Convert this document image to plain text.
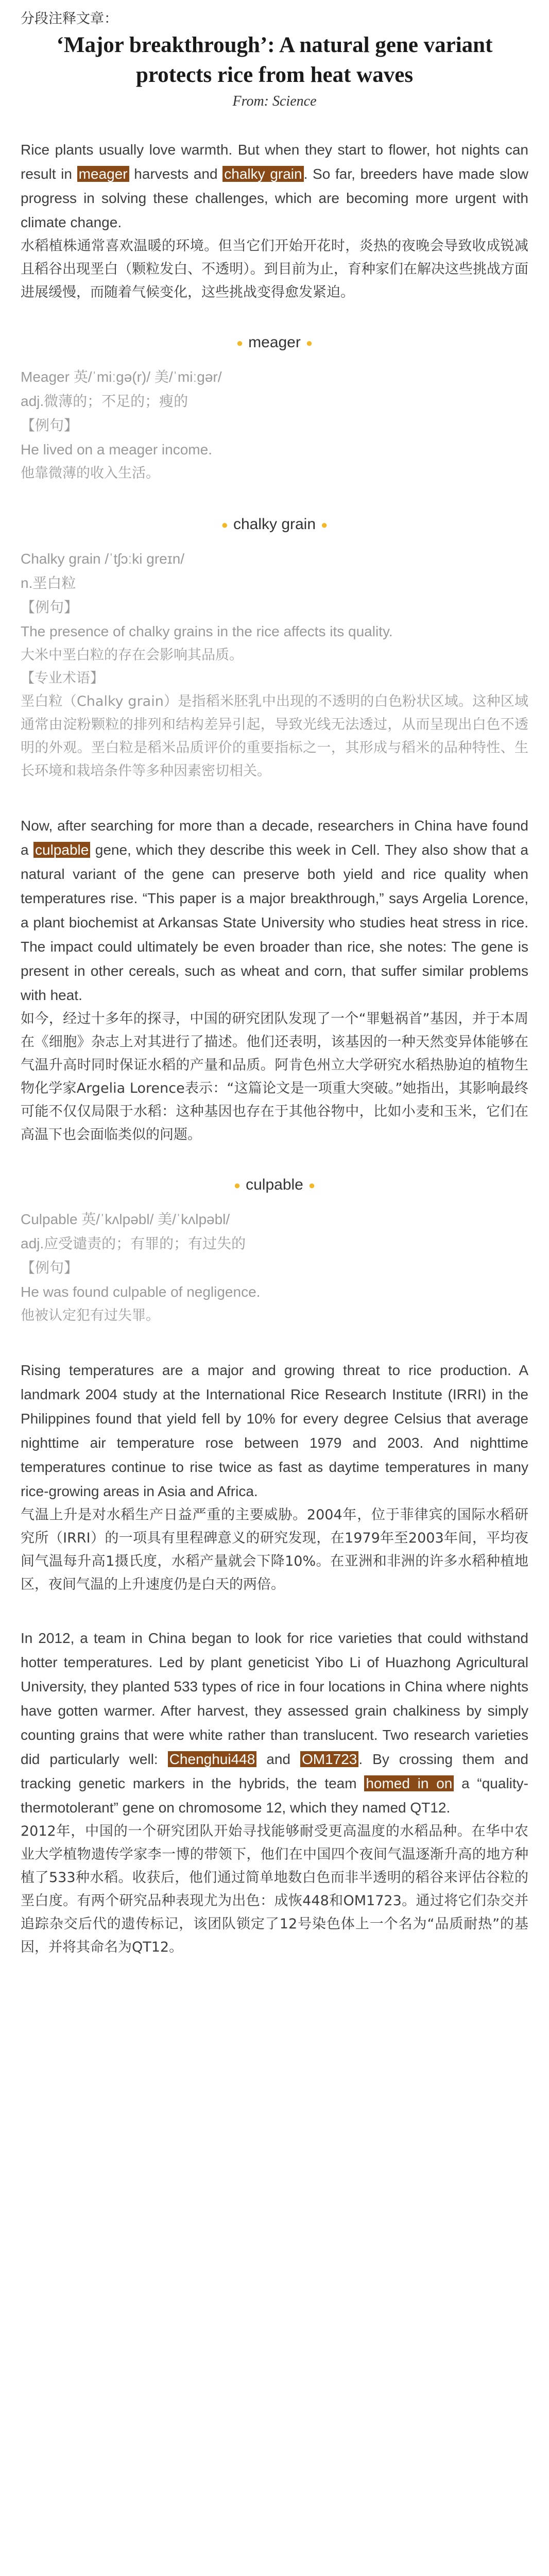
分段注释文章：
‘Major breakthrough’: A natural gene variant protects rice from heat waves
From: Science

Rice plants usually love warmth. But when they start to flower, hot nights can result in meager harvests and chalky grain . So far, breeders have made slow progress in solving these challenges, which are becoming more urgent with climate change.

水稻植株通常喜欢温暖的环境。但当它们开始开花时，炎热的夜晚会导致收成锐减且稻谷出现垩白（颗粒发白、不透明）。到目前为止，育种家们在解决这些挑战方面进展缓慢，而随着气候变化，这些挑战变得愈发紧迫。

● meager ●

Meager 英/ˈmiːɡə(r)/ 美/ˈmiːɡər/

adj.微薄的；不足的；瘦的

【例句】

He lived on a meager income.

他靠微薄的收入生活。

● chalky grain ●

Chalky grain /ˈtʃɔːki ɡreɪn/

n.垩白粒

【例句】

The presence of chalky grains in the rice affects its quality.

大米中垩白粒的存在会影响其品质。

【专业术语】

垩白粒（Chalky grain）是指稻米胚乳中出现的不透明的白色粉状区域。这种区域通常由淀粉颗粒的排列和结构差异引起，导致光线无法透过，从而呈现出白色不透明的外观。垩白粒是稻米品质评价的重要指标之一，其形成与稻米的品种特性、生长环境和栽培条件等多种因素密切相关。

Now, after searching for more than a decade, researchers in China have found a culpable gene, which they describe this week in Cell. They also show that a natural variant of the gene can preserve both yield and rice quality when temperatures rise. “This paper is a major breakthrough,” says Argelia Lorence, a plant biochemist at Arkansas State University who studies heat stress in rice. The impact could ultimately be even broader than rice, she notes: The gene is present in other cereals, such as wheat and corn, that suffer similar problems with heat.

如今，经过十多年的探寻，中国的研究团队发现了一个“罪魁祸首”基因，并于本周在《细胞》杂志上对其进行了描述。他们还表明，该基因的一种天然变异体能够在气温升高时同时保证水稻的产量和品质。阿肯色州立大学研究水稻热胁迫的植物生物化学家Argelia Lorence表示：“这篇论文是一项重大突破。”她指出，其影响最终可能不仅仅局限于水稻：这种基因也存在于其他谷物中，比如小麦和玉米，它们在高温下也会面临类似的问题。

● culpable ●

Culpable 英/ˈkʌlpəbl/ 美/ˈkʌlpəbl/

adj.应受谴责的；有罪的；有过失的

【例句】

He was found culpable of negligence.

他被认定犯有过失罪。

Rising temperatures are a major and growing threat to rice production. A landmark 2004 study at the International Rice Research Institute (IRRI) in the Philippines found that yield fell by 10% for every degree Celsius that average nighttime air temperature rose between 1979 and 2003. And nighttime temperatures continue to rise twice as fast as daytime temperatures in many rice-growing areas in Asia and Africa.

气温上升是对水稻生产日益严重的主要威胁。2004年，位于菲律宾的国际水稻研究所（IRRI）的一项具有里程碑意义的研究发现，在1979年至2003年间，平均夜间气温每升高1摄氏度，水稻产量就会下降10%。在亚洲和非洲的许多水稻种植地区，夜间气温的上升速度仍是白天的两倍。

In 2012, a team in China began to look for rice varieties that could withstand hotter temperatures. Led by plant geneticist Yibo Li of Huazhong Agricultural University, they planted 533 types of rice in four locations in China where nights have gotten warmer. After harvest, they assessed grain chalkiness by simply counting grains that were white rather than translucent. Two research varieties did particularly well: Chenghui448 and OM1723 . By crossing them and tracking genetic markers in the hybrids, the team homed in on a “quality-thermotolerant” gene on chromosome 12, which they named QT12.

2012年，中国的一个研究团队开始寻找能够耐受更高温度的水稻品种。在华中农业大学植物遗传学家李一博的带领下，他们在中国四个夜间气温逐渐升高的地方种植了533种水稻。收获后，他们通过简单地数白色而非半透明的稻谷来评估谷粒的垩白度。有两个研究品种表现尤为出色：成恢448和OM1723。通过将它们杂交并追踪杂交后代的遗传标记，该团队锁定了12号染色体上一个名为“品质耐热”的基因，并将其命名为QT12。
